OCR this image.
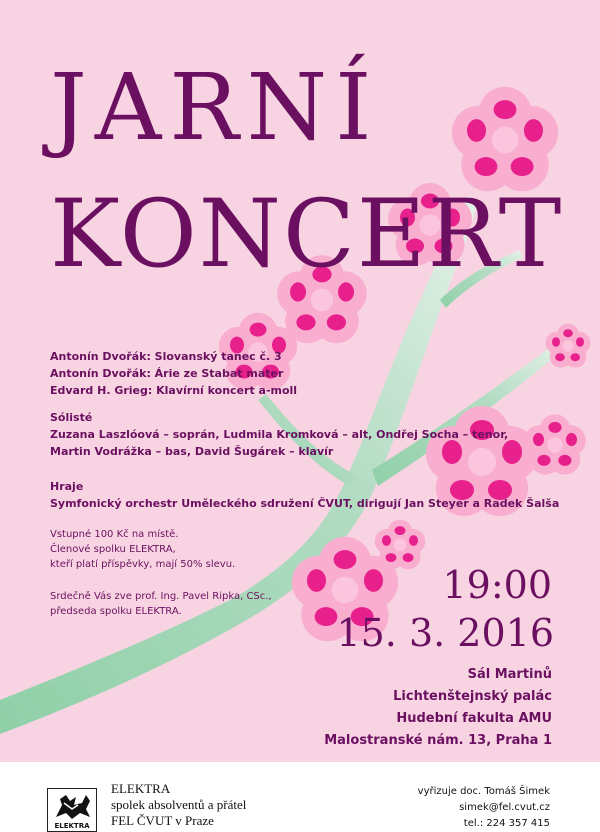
JARNÍ
KONCERT
Antonín Dvořák: Slovanský tanec č. 3
Antonín Dvořák: Árie ze Stabat mater
Edvard H. Grieg: Klavírní koncert a-moll
Sólisté
Zuzana Laszlóová – soprán, Ludmila Kromková – alt, Ondřej Socha – tenor,
Martin Vodrážka – bas, David Šugárek – klavír
Hraje
Symfonický orchestr Uměleckého sdružení ČVUT, dirigují Jan Steyer a Radek Šalša
Vstupné 100 Kč na místě.
Členové spolku ELEKTRA,
kteří platí příspěvky, mají 50% slevu.
Srdečně Vás zve prof. Ing. Pavel Ripka, CSc.,
předseda spolku ELEKTRA.
19:00
15. 3. 2016
Sál Martinů
Lichtenštejnský palác
Hudební fakulta AMU
Malostranské nám. 13, Praha 1
ELEKTRA
ELEKTRA
spolek absolventů a přátel
FEL ČVUT v Praze
vyřizuje doc. Tomáš Šimek
simek@fel.cvut.cz
tel.: 224 357 415
